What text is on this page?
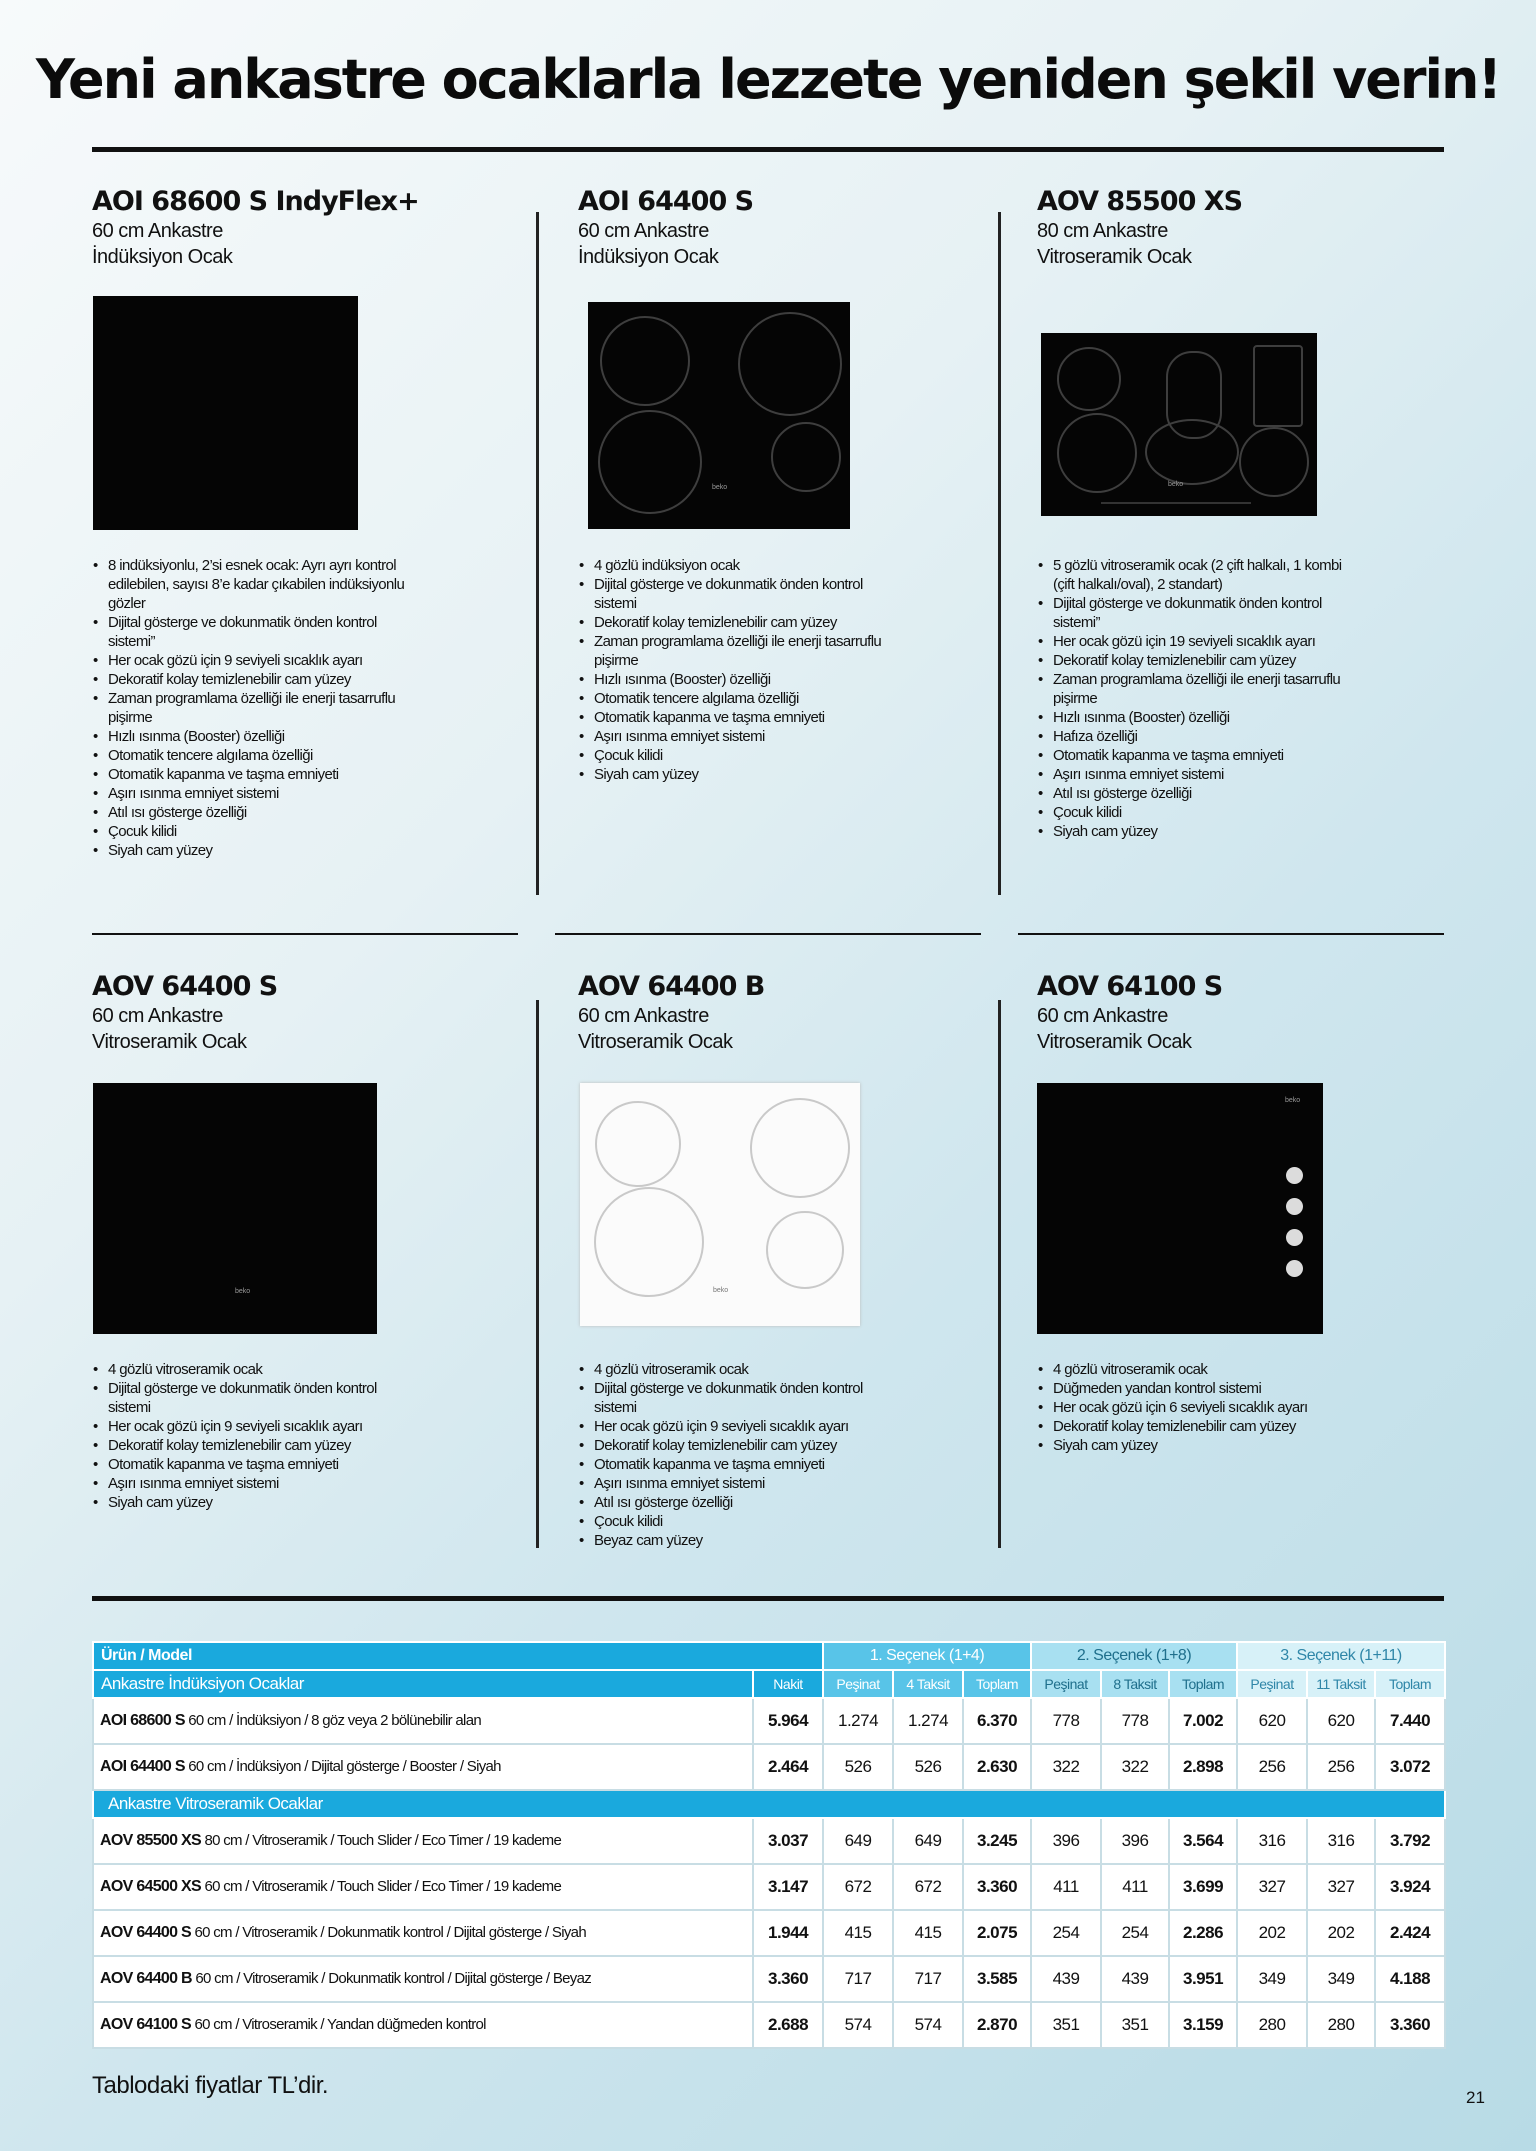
Yeni ankastre ocaklarla lezzete yeniden şekil verin!
AOI 68600 S IndyFlex+
60 cm Ankastre
İndüksiyon Ocak
• 8 indüksiyonlu, 2’si esnek ocak: Ayrı ayrı kontrol edilebilen, sayısı 8’e kadar çıkabilen indüksiyonlu gözler
• Dijital gösterge ve dokunmatik önden kontrol sistemi”
• Her ocak gözü için 9 seviyeli sıcaklık ayarı
• Dekoratif kolay temizlenebilir cam yüzey
• Zaman programlama özelliği ile enerji tasarruflu pişirme
• Hızlı ısınma (Booster) özelliği
• Otomatik tencere algılama özelliği
• Otomatik kapanma ve taşma emniyeti
• Aşırı ısınma emniyet sistemi
• Atıl ısı gösterge özelliği
• Çocuk kilidi
• Siyah cam yüzey
AOI 64400 S
60 cm Ankastre
İndüksiyon Ocak
beko
• 4 gözlü indüksiyon ocak
• Dijital gösterge ve dokunmatik önden kontrol sistemi
• Dekoratif kolay temizlenebilir cam yüzey
• Zaman programlama özelliği ile enerji tasarruflu pişirme
• Hızlı ısınma (Booster) özelliği
• Otomatik tencere algılama özelliği
• Otomatik kapanma ve taşma emniyeti
• Aşırı ısınma emniyet sistemi
• Çocuk kilidi
• Siyah cam yüzey
AOV 85500 XS
80 cm Ankastre
Vitroseramik Ocak
beko
• 5 gözlü vitroseramik ocak (2 çift halkalı, 1 kombi (çift halkalı/oval), 2 standart)
• Dijital gösterge ve dokunmatik önden kontrol sistemi”
• Her ocak gözü için 19 seviyeli sıcaklık ayarı
• Dekoratif kolay temizlenebilir cam yüzey
• Zaman programlama özelliği ile enerji tasarruflu pişirme
• Hızlı ısınma (Booster) özelliği
• Hafıza özelliği
• Otomatik kapanma ve taşma emniyeti
• Aşırı ısınma emniyet sistemi
• Atıl ısı gösterge özelliği
• Çocuk kilidi
• Siyah cam yüzey
AOV 64400 S
60 cm Ankastre
Vitroseramik Ocak
beko
• 4 gözlü vitroseramik ocak
• Dijital gösterge ve dokunmatik önden kontrol sistemi
• Her ocak gözü için 9 seviyeli sıcaklık ayarı
• Dekoratif kolay temizlenebilir cam yüzey
• Otomatik kapanma ve taşma emniyeti
• Aşırı ısınma emniyet sistemi
• Siyah cam yüzey
AOV 64400 B
60 cm Ankastre
Vitroseramik Ocak
beko
• 4 gözlü vitroseramik ocak
• Dijital gösterge ve dokunmatik önden kontrol sistemi
• Her ocak gözü için 9 seviyeli sıcaklık ayarı
• Dekoratif kolay temizlenebilir cam yüzey
• Otomatik kapanma ve taşma emniyeti
• Aşırı ısınma emniyet sistemi
• Atıl ısı gösterge özelliği
• Çocuk kilidi
• Beyaz cam yüzey
AOV 64100 S
60 cm Ankastre
Vitroseramik Ocak
beko
• 4 gözlü vitroseramik ocak
• Düğmeden yandan kontrol sistemi
• Her ocak gözü için 6 seviyeli sıcaklık ayarı
• Dekoratif kolay temizlenebilir cam yüzey
• Siyah cam yüzey
Ürün / Model		1. Seçenek (1+4)			2. Seçenek (1+8)			3. Seçenek (1+11)		
Ankastre İndüksiyon Ocaklar	Nakit	Peşinat	4 Taksit	Toplam	Peşinat	8 Taksit	Toplam	Peşinat	11 Taksit	Toplam
AOI 68600 S 60 cm / İndüksiyon / 8 göz veya 2 bölünebilir alan	5.964	1.274	1.274	6.370	778	778	7.002	620	620	7.440
AOI 64400 S 60 cm / İndüksiyon / Dijital gösterge / Booster / Siyah	2.464	526	526	2.630	322	322	2.898	256	256	3.072
Ankastre Vitroseramik Ocaklar										
AOV 85500 XS 80 cm / Vitroseramik / Touch Slider / Eco Timer / 19 kademe	3.037	649	649	3.245	396	396	3.564	316	316	3.792
AOV 64500 XS 60 cm / Vitroseramik / Touch Slider / Eco Timer / 19 kademe	3.147	672	672	3.360	411	411	3.699	327	327	3.924
AOV 64400 S 60 cm / Vitroseramik / Dokunmatik kontrol / Dijital gösterge / Siyah	1.944	415	415	2.075	254	254	2.286	202	202	2.424
AOV 64400 B 60 cm / Vitroseramik / Dokunmatik kontrol / Dijital gösterge / Beyaz	3.360	717	717	3.585	439	439	3.951	349	349	4.188
AOV 64100 S 60 cm / Vitroseramik / Yandan düğmeden kontrol	2.688	574	574	2.870	351	351	3.159	280	280	3.360
Tablodaki fiyatlar TL’dir.	21
